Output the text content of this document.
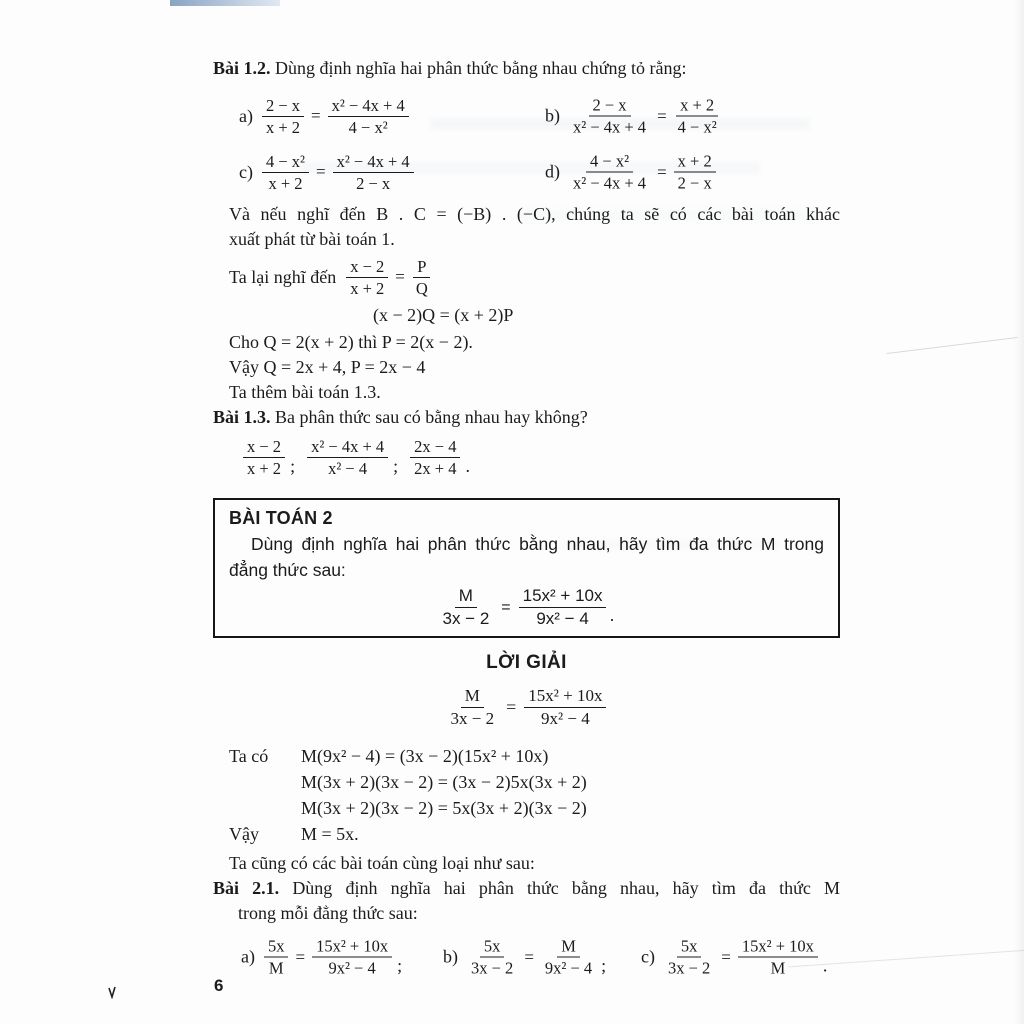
Bài 1.2. Dùng định nghĩa hai phân thức bằng nhau chứng tỏ rằng:
$a) \frac{2 - x}{x + 2} = \frac{\text{x² − 4x + 4}}{\text{4 − x²}}$	$b) \frac{2 - x}{\text{x² − 4x + 4}} = \frac{x + 2}{\text{4 − x²}}$
$c) \frac{\text{4 − x²}}{x + 2} = \frac{\text{x² − 4x + 4}}{2 - x}$	$d) \frac{\text{4 − x²}}{\text{x² − 4x + 4}} = \frac{x + 2}{2 - x}$
Và nếu nghĩ đến B . C = (−B) . (−C), chúng ta sẽ có các bài toán khác
xuất phát từ bài toán 1.
Ta lại nghĩ đến $\frac{x - 2}{x + 2} = \frac{P}{Q}$
(x − 2)Q = (x + 2)P
Cho Q = 2(x + 2) thì P = 2(x − 2).
Vậy Q = 2x + 4, P = 2x − 4
Ta thêm bài toán 1.3.
Bài 1.3. Ba phân thức sau có bằng nhau hay không?
$\frac{x - 2}{x + 2}$ ; $\frac{\text{x² − 4x + 4}}{\text{x² − 4}}$ ; $\frac{2x - 4}{2x + 4}$ .
BÀI TOÁN 2
Dùng định nghĩa hai phân thức bằng nhau, hãy tìm đa thức M trong
đẳng thức sau:
$\frac{M}{3x - 2} = \frac{\text{15x² + 10x}}{\text{9x² − 4}}$ .
LỜI GIẢI
$\frac{M}{3x - 2} = \frac{\text{15x² + 10x}}{\text{9x² − 4}}$
Ta có	M(9x² − 4) = (3x − 2)(15x² + 10x)
M(3x + 2)(3x − 2) = (3x − 2)5x(3x + 2)
M(3x + 2)(3x − 2) = 5x(3x + 2)(3x − 2)
Vậy	M = 5x.
Ta cũng có các bài toán cùng loại như sau:
Bài 2.1. Dùng định nghĩa hai phân thức bằng nhau, hãy tìm đa thức M
trong mỗi đẳng thức sau:
$a) \frac{5x}{M} = \frac{\text{15x² + 10x}}{\text{9x² − 4}}$ ; $b) \frac{5x}{3x - 2} = \frac{M}{\text{9x² − 4}}$ ; $c) \frac{5x}{3x - 2} = \frac{\text{15x² + 10x}}{M}$ .
6
